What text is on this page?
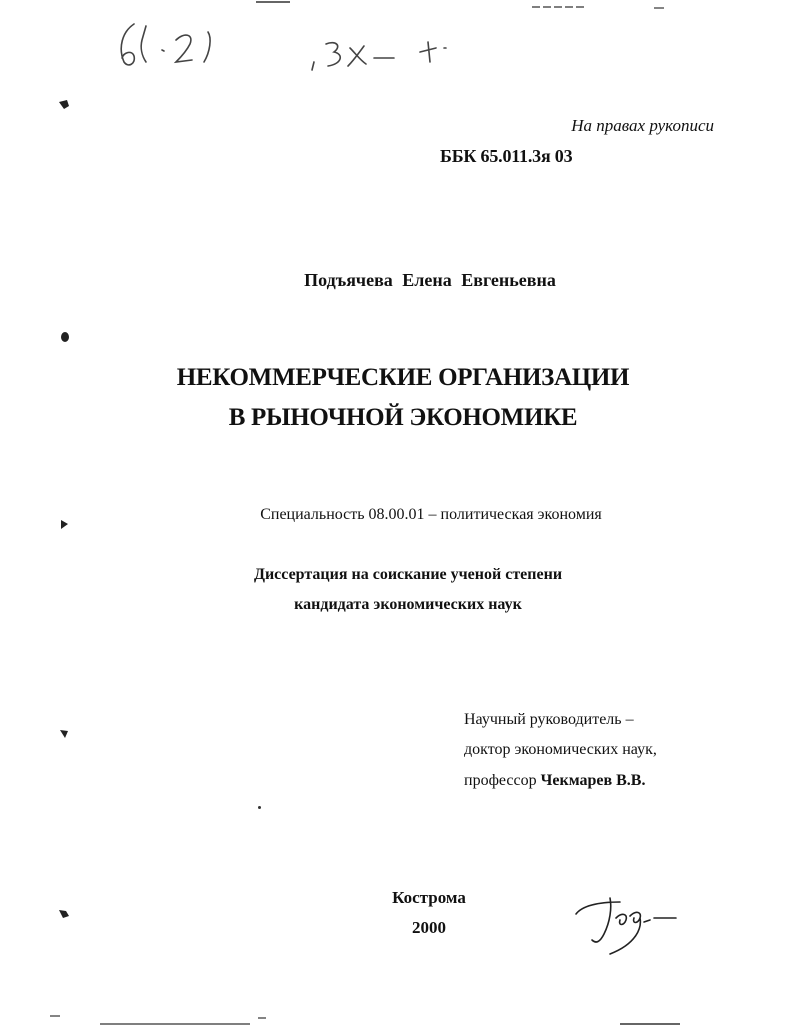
На правах рукописи
ББК 65.011.3я 03
Подъячева Елена Евгеньевна
НЕКОММЕРЧЕСКИЕ ОРГАНИЗАЦИИ
В РЫНОЧНОЙ ЭКОНОМИКЕ
Специальность 08.00.01 – политическая экономия
Диссертация на соискание ученой степени
кандидата экономических наук
Научный руководитель –
доктор экономических наук,
профессор Чекмарев В.В.
Кострома
2000
